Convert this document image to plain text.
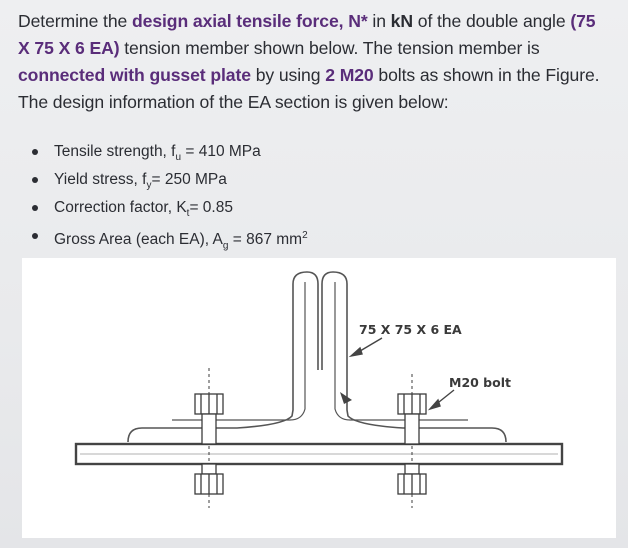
Determine the design axial tensile force, N* in kN of the double angle (75 X 75 X 6 EA) tension member shown below. The tension member is connected with gusset plate by using 2 M20 bolts as shown in the Figure. The design information of the EA section is given below:
Tensile strength, $f_u = 410$ MPa
Yield stress, $f_y= 250$ MPa
Correction factor, $K_t= 0.85$
Gross Area (each EA), $A_g = 867$ $mm^2$
75 X 75 X 6 EA
M20 bolt
